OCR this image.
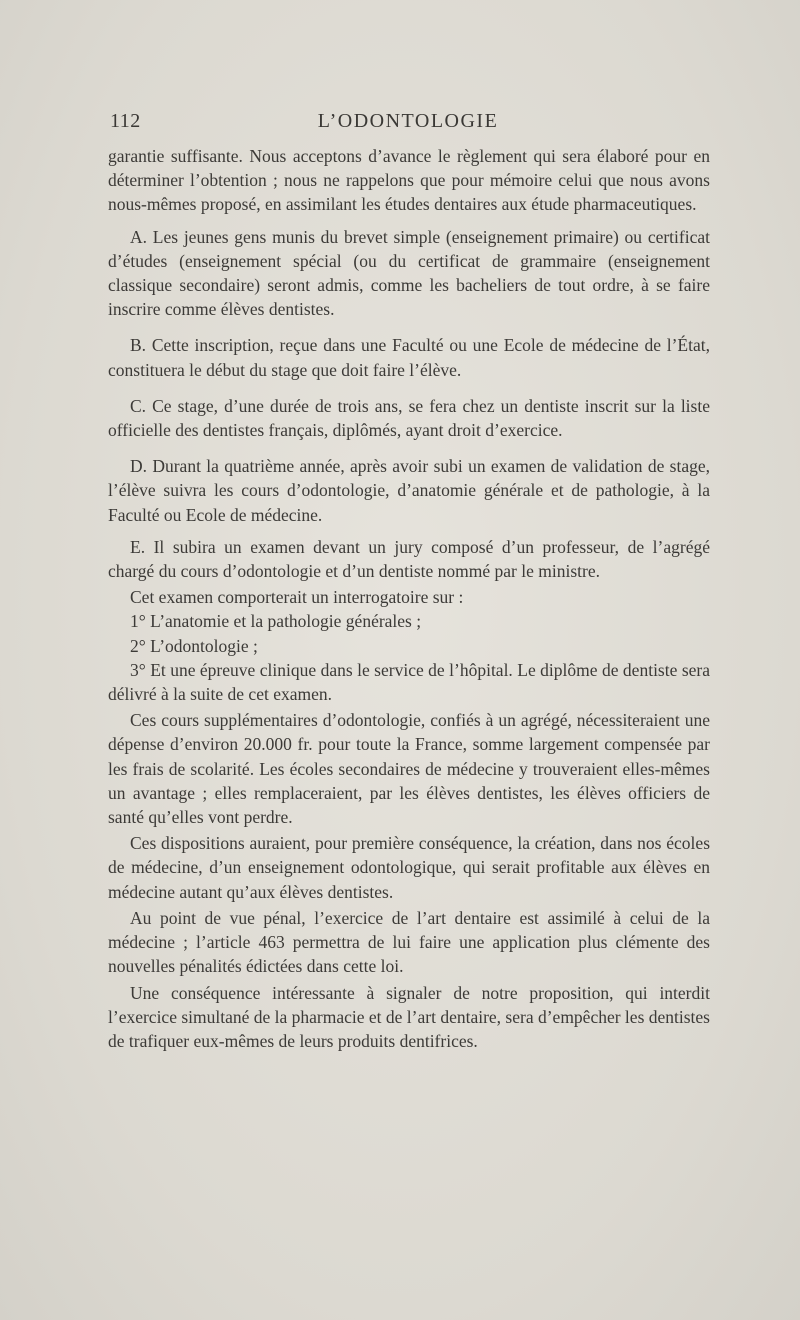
112	L’ODONTOLOGIE

garantie suffisante. Nous acceptons d’avance le règlement qui sera élaboré pour en déterminer l’obtention ; nous ne rappelons que pour mémoire celui que nous avons nous-mêmes proposé, en assimilant les études dentaires aux étude pharmaceutiques.

A. Les jeunes gens munis du brevet simple (enseignement primaire) ou certificat d’études (enseignement spécial (ou du certificat de grammaire (enseignement classique secondaire) seront admis, comme les bacheliers de tout ordre, à se faire inscrire comme élèves dentistes.

B. Cette inscription, reçue dans une Faculté ou une Ecole de médecine de l’État, constituera le début du stage que doit faire l’élève.

C. Ce stage, d’une durée de trois ans, se fera chez un dentiste inscrit sur la liste officielle des dentistes français, diplômés, ayant droit d’exercice.

D. Durant la quatrième année, après avoir subi un examen de validation de stage, l’élève suivra les cours d’odontologie, d’anatomie générale et de pathologie, à la Faculté ou Ecole de médecine.

E. Il subira un examen devant un jury composé d’un professeur, de l’agrégé chargé du cours d’odontologie et d’un dentiste nommé par le ministre.

Cet examen comporterait un interrogatoire sur :

1° L’anatomie et la pathologie générales ;

2° L’odontologie ;

3° Et une épreuve clinique dans le service de l’hôpital. Le diplôme de dentiste sera délivré à la suite de cet examen.

Ces cours supplémentaires d’odontologie, confiés à un agrégé, nécessiteraient une dépense d’environ 20.000 fr. pour toute la France, somme largement compensée par les frais de scolarité. Les écoles secondaires de médecine y trouveraient elles-mêmes un avantage ; elles remplaceraient, par les élèves dentistes, les élèves officiers de santé qu’elles vont perdre.

Ces dispositions auraient, pour première conséquence, la création, dans nos écoles de médecine, d’un enseignement odontologique, qui serait profitable aux élèves en médecine autant qu’aux élèves dentistes.

Au point de vue pénal, l’exercice de l’art dentaire est assimilé à celui de la médecine ; l’article 463 permettra de lui faire une application plus clémente des nouvelles pénalités édictées dans cette loi.

Une conséquence intéressante à signaler de notre proposition, qui interdit l’exercice simultané de la pharmacie et de l’art dentaire, sera d’empêcher les dentistes de trafiquer eux-mêmes de leurs produits dentifrices.
